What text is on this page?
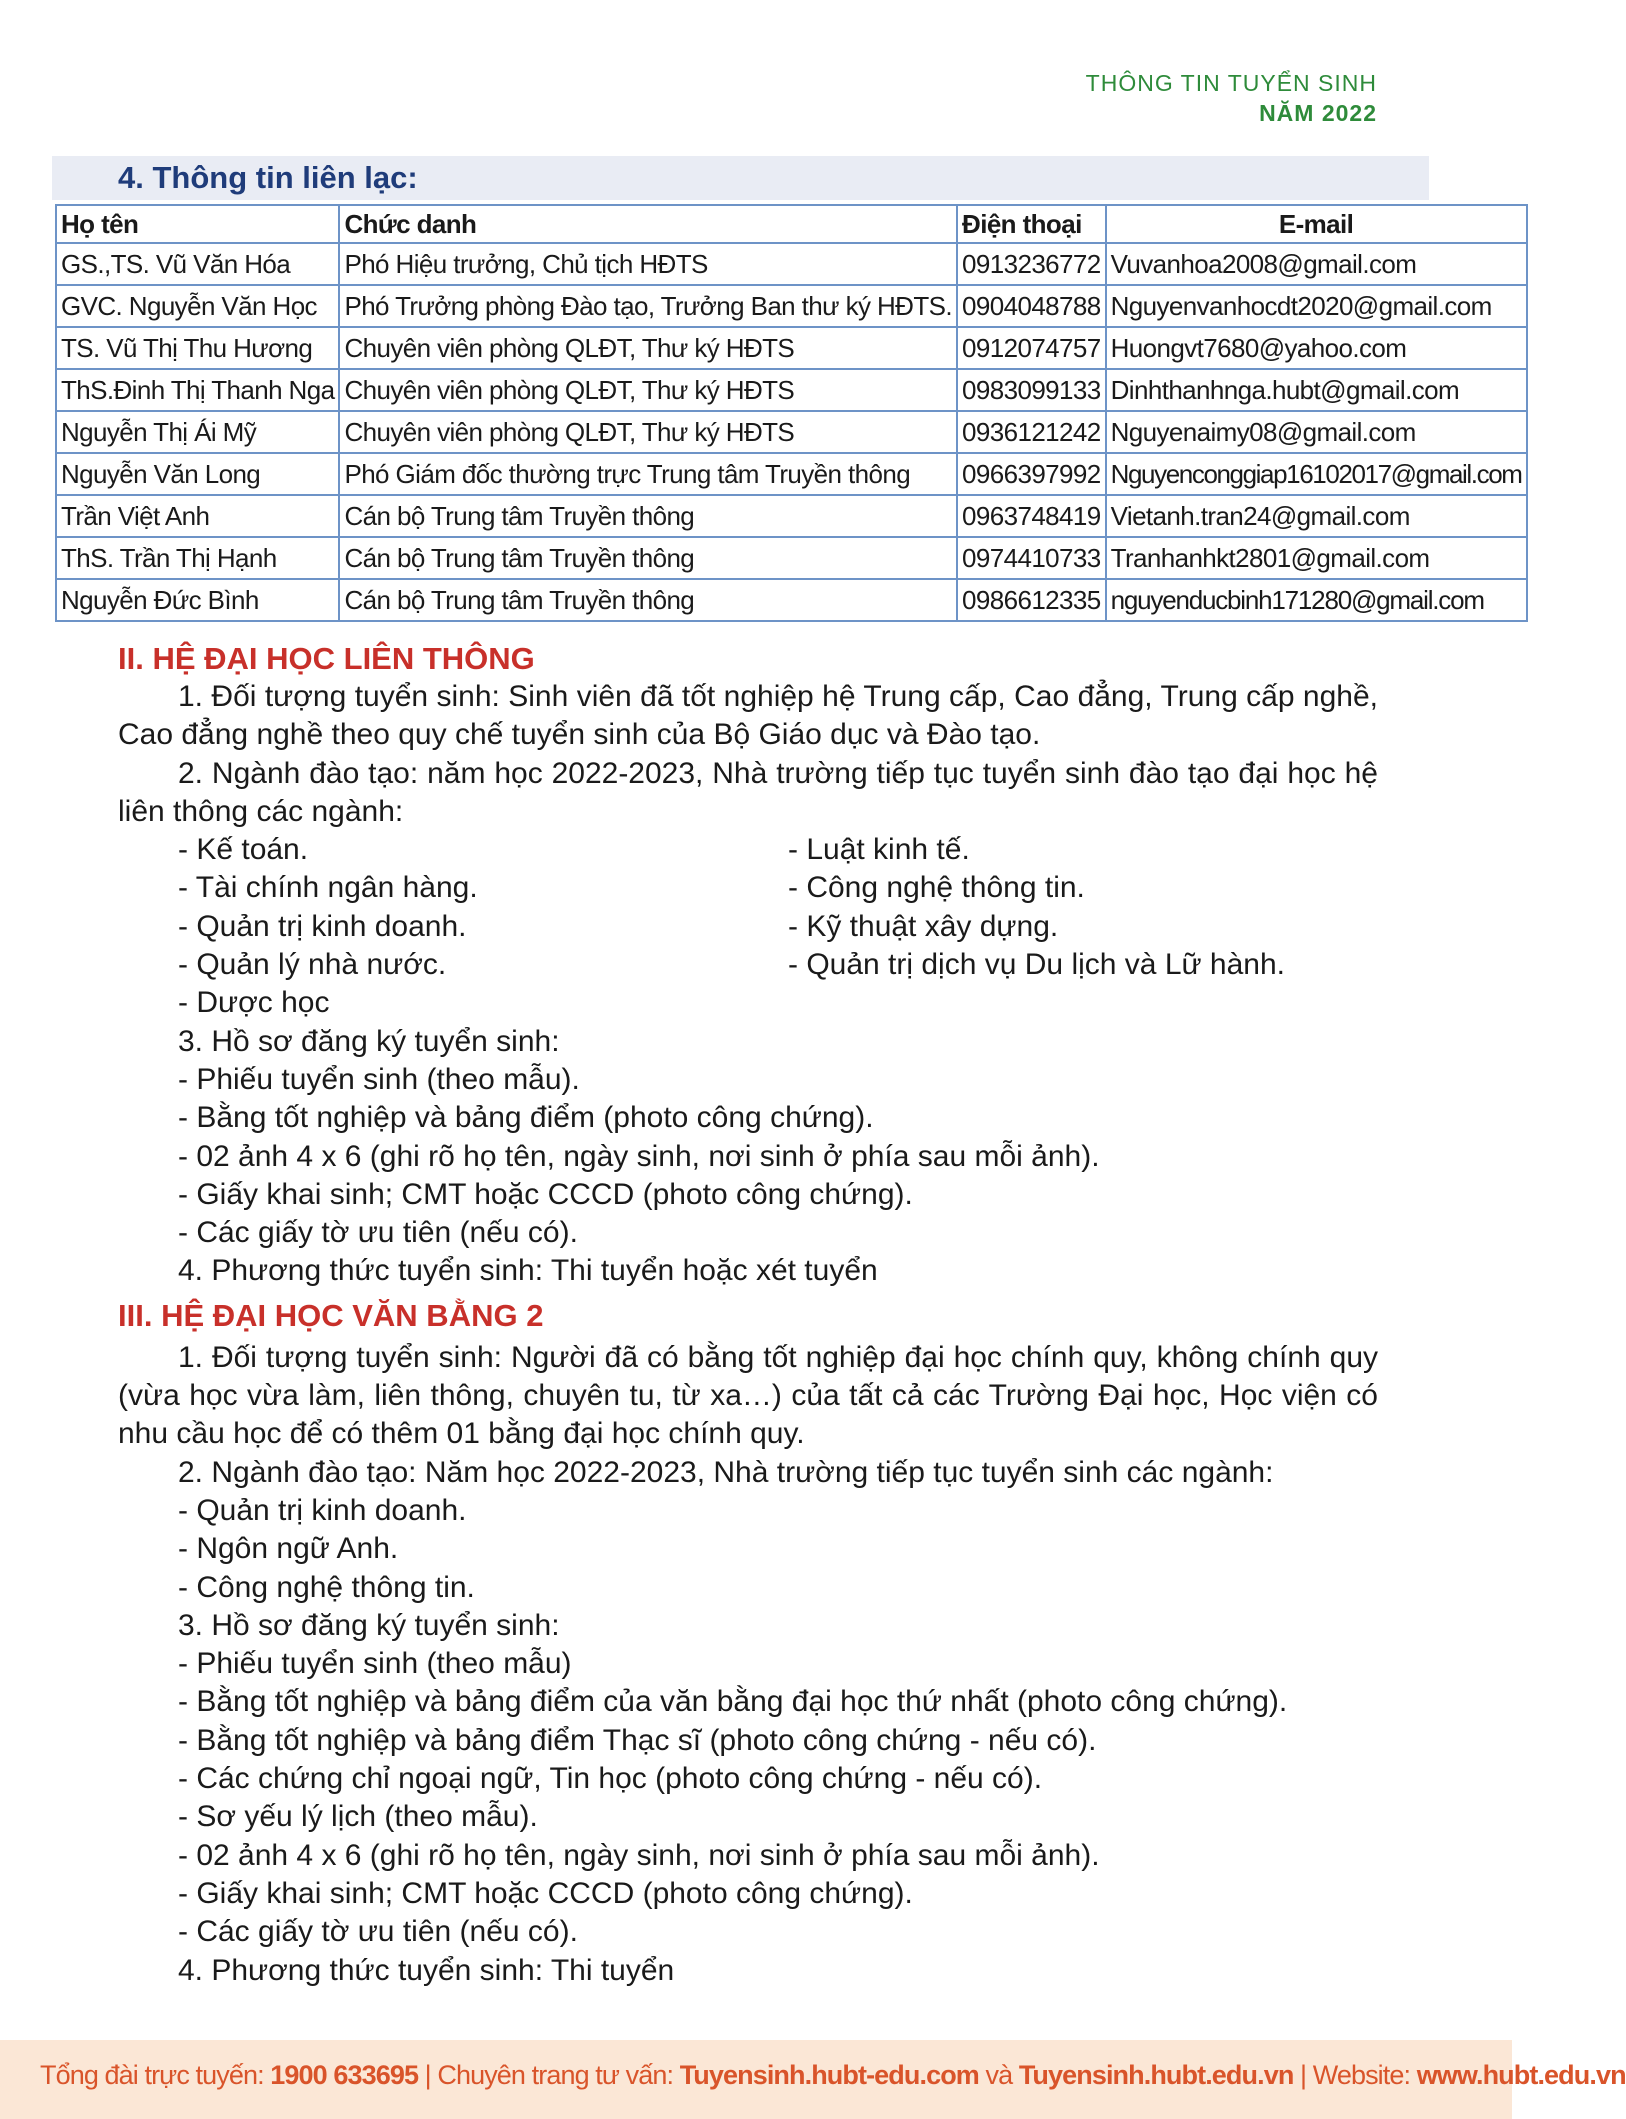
THÔNG TIN TUYỂN SINH
NĂM 2022
4. Thông tin liên lạc:
Họ tên	Chức danh	Điện thoại	E-mail
GS.,TS. Vũ Văn Hóa	Phó Hiệu trưởng, Chủ tịch HĐTS	0913236772	Vuvanhoa2008@gmail.com
GVC. Nguyễn Văn Học	Phó Trưởng phòng Đào tạo, Trưởng Ban thư ký HĐTS.	0904048788	Nguyenvanhocdt2020@gmail.com
TS. Vũ Thị Thu Hương	Chuyên viên phòng QLĐT, Thư ký HĐTS	0912074757	Huongvt7680@yahoo.com
ThS.Đinh Thị Thanh Nga	Chuyên viên phòng QLĐT, Thư ký HĐTS	0983099133	Dinhthanhnga.hubt@gmail.com
Nguyễn Thị Ái Mỹ	Chuyên viên phòng QLĐT, Thư ký HĐTS	0936121242	Nguyenaimy08@gmail.com
Nguyễn Văn Long	Phó Giám đốc thường trực Trung tâm Truyền thông	0966397992	Nguyenconggiap16102017@gmail.com
Trần Việt Anh	Cán bộ Trung tâm Truyền thông	0963748419	Vietanh.tran24@gmail.com
ThS. Trần Thị Hạnh	Cán bộ Trung tâm Truyền thông	0974410733	Tranhanhkt2801@gmail.com
Nguyễn Đức Bình	Cán bộ Trung tâm Truyền thông	0986612335	nguyenducbinh171280@gmail.com
II. HỆ ĐẠI HỌC LIÊN THÔNG
1. Đối tượng tuyển sinh: Sinh viên đã tốt nghiệp hệ Trung cấp, Cao đẳng, Trung cấp nghề, Cao đẳng nghề theo quy chế tuyển sinh của Bộ Giáo dục và Đào tạo.
2. Ngành đào tạo: năm học 2022-2023, Nhà trường tiếp tục tuyển sinh đào tạo đại học hệ liên thông các ngành:
- Kế toán.
- Tài chính ngân hàng.
- Quản trị kinh doanh.
- Quản lý nhà nước.
- Dược học
- Luật kinh tế.
- Công nghệ thông tin.
- Kỹ thuật xây dựng.
- Quản trị dịch vụ Du lịch và Lữ hành.
3. Hồ sơ đăng ký tuyển sinh:
- Phiếu tuyển sinh (theo mẫu).
- Bằng tốt nghiệp và bảng điểm (photo công chứng).
- 02 ảnh 4 x 6 (ghi rõ họ tên, ngày sinh, nơi sinh ở phía sau mỗi ảnh).
- Giấy khai sinh; CMT hoặc CCCD (photo công chứng).
- Các giấy tờ ưu tiên (nếu có).
4. Phương thức tuyển sinh: Thi tuyển hoặc xét tuyển
III. HỆ ĐẠI HỌC VĂN BẰNG 2
1. Đối tượng tuyển sinh: Người đã có bằng tốt nghiệp đại học chính quy, không chính quy (vừa học vừa làm, liên thông, chuyên tu, từ xa…) của tất cả các Trường Đại học, Học viện có nhu cầu học để có thêm 01 bằng đại học chính quy.
2. Ngành đào tạo: Năm học 2022-2023, Nhà trường tiếp tục tuyển sinh các ngành:
- Quản trị kinh doanh.
- Ngôn ngữ Anh.
- Công nghệ thông tin.
3. Hồ sơ đăng ký tuyển sinh:
- Phiếu tuyển sinh (theo mẫu)
- Bằng tốt nghiệp và bảng điểm của văn bằng đại học thứ nhất (photo công chứng).
- Bằng tốt nghiệp và bảng điểm Thạc sĩ (photo công chứng - nếu có).
- Các chứng chỉ ngoại ngữ, Tin học (photo công chứng - nếu có).
- Sơ yếu lý lịch (theo mẫu).
- 02 ảnh 4 x 6 (ghi rõ họ tên, ngày sinh, nơi sinh ở phía sau mỗi ảnh).
- Giấy khai sinh; CMT hoặc CCCD (photo công chứng).
- Các giấy tờ ưu tiên (nếu có).
4. Phương thức tuyển sinh: Thi tuyển
Tổng đài trực tuyến: 1900 633695 | Chuyên trang tư vấn: Tuyensinh.hubt-edu.com và Tuyensinh.hubt.edu.vn | Website: www.hubt.edu.vn
